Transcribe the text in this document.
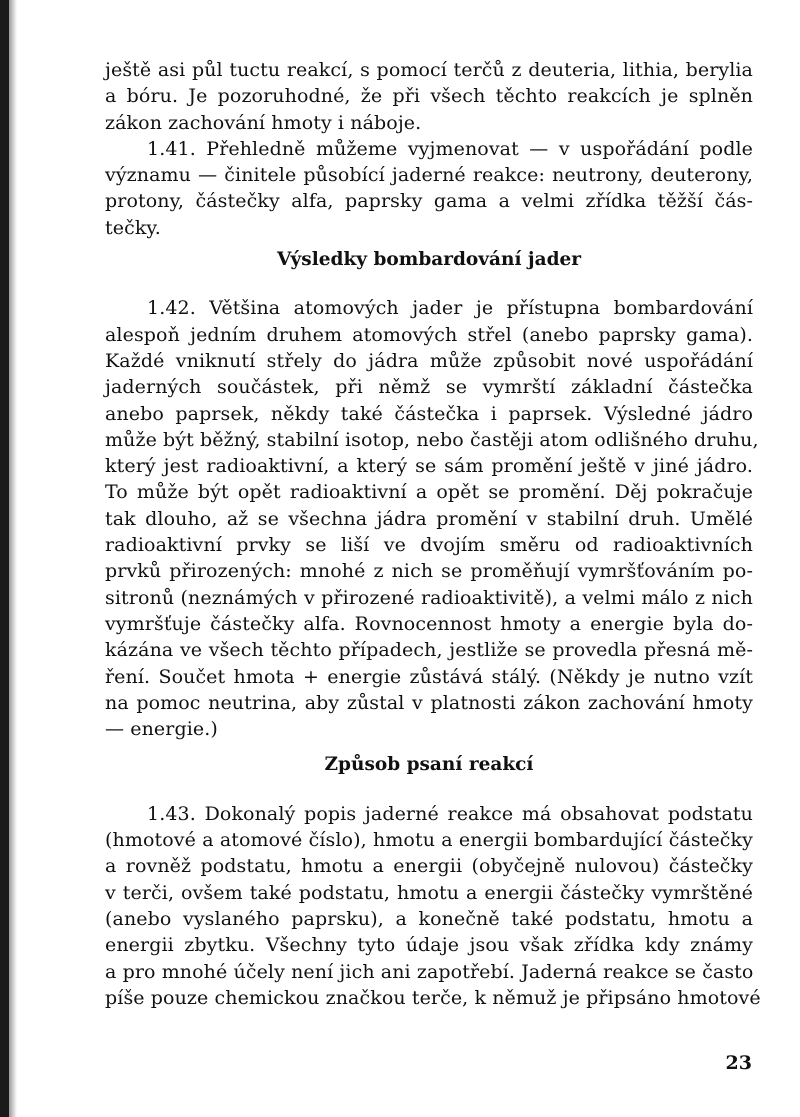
ještě asi půl tuctu reakcí, s pomocí terčů z deuteria, lithia, berylia
a bóru. Je pozoruhodné, že při všech těchto reakcích je splněn
zákon zachování hmoty i náboje.
1.41. Přehledně můžeme vyjmenovat — v uspořádání podle
významu — činitele působící jaderné reakce: neutrony, deuterony,
protony, částečky alfa, paprsky gama a velmi zřídka těžší čás-
tečky.
Výsledky bombardování jader
1.42. Většina atomových jader je přístupna bombardování
alespoň jedním druhem atomových střel (anebo paprsky gama).
Každé vniknutí střely do jádra může způsobit nové uspořádání
jaderných součástek, při němž se vymrští základní částečka
anebo paprsek, někdy také částečka i paprsek. Výsledné jádro
může být běžný, stabilní isotop, nebo častěji atom odlišného druhu,
který jest radioaktivní, a který se sám promění ještě v jiné jádro.
To může být opět radioaktivní a opět se promění. Děj pokračuje
tak dlouho, až se všechna jádra promění v stabilní druh. Umělé
radioaktivní prvky se liší ve dvojím směru od radioaktivních
prvků přirozených: mnohé z nich se proměňují vymršťováním po-
sitronů (neznámých v přirozené radioaktivitě), a velmi málo z nich
vymršťuje částečky alfa. Rovnocennost hmoty a energie byla do-
kázána ve všech těchto případech, jestliže se provedla přesná mě-
ření. Součet hmota + energie zůstává stálý. (Někdy je nutno vzít
na pomoc neutrina, aby zůstal v platnosti zákon zachování hmoty
— energie.)
Způsob psaní reakcí
1.43. Dokonalý popis jaderné reakce má obsahovat podstatu
(hmotové a atomové číslo), hmotu a energii bombardující částečky
a rovněž podstatu, hmotu a energii (obyčejně nulovou) částečky
v terči, ovšem také podstatu, hmotu a energii částečky vymrštěné
(anebo vyslaného paprsku), a konečně také podstatu, hmotu a
energii zbytku. Všechny tyto údaje jsou však zřídka kdy známy
a pro mnohé účely není jich ani zapotřebí. Jaderná reakce se často
píše pouze chemickou značkou terče, k němuž je připsáno hmotové
23
